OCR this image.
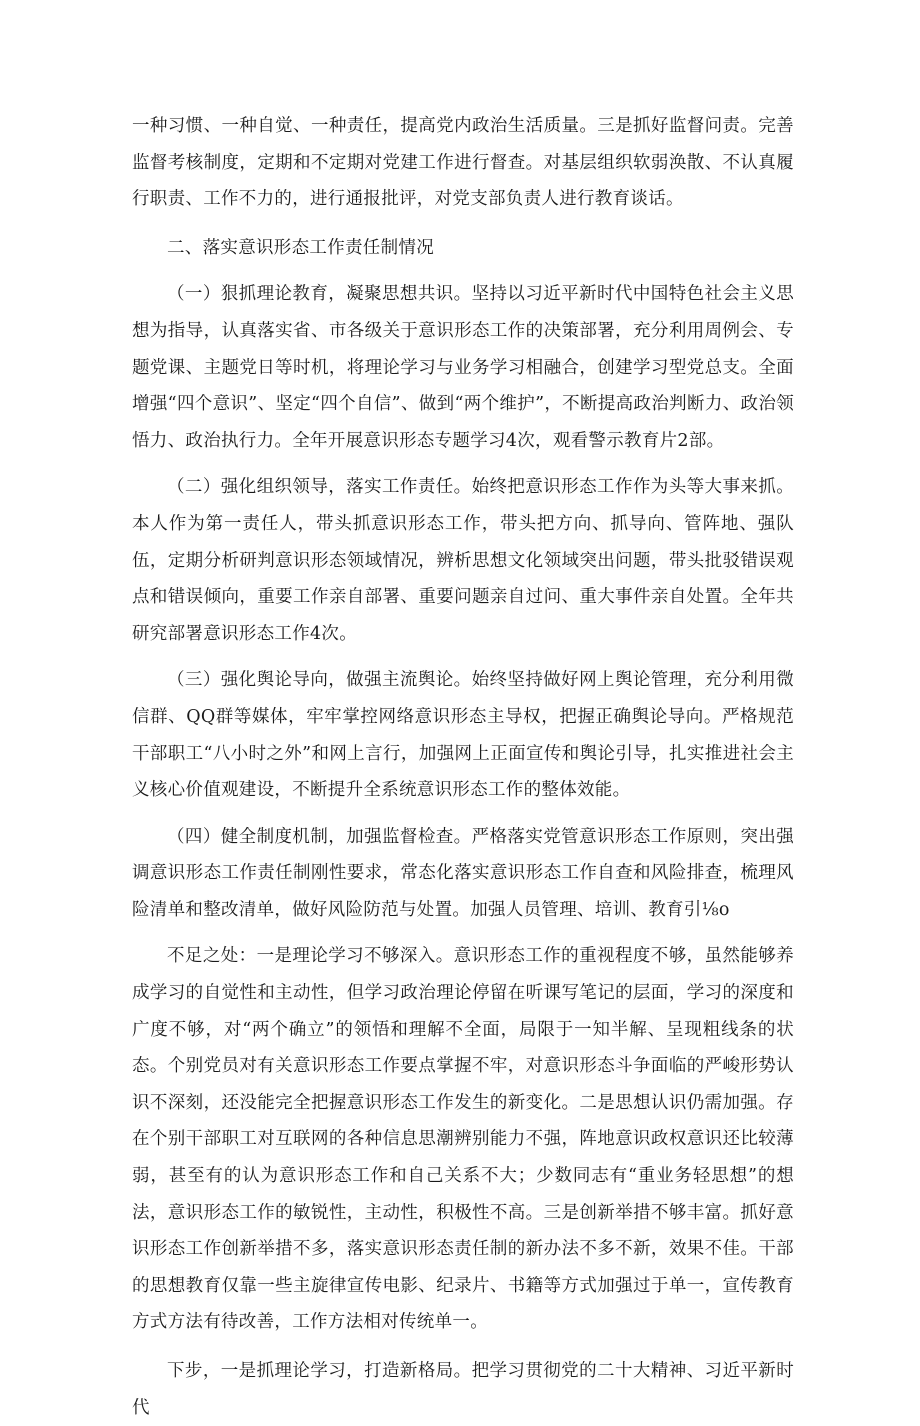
一种习惯、一种自觉、一种责任，提高党内政治生活质量。三是抓好监督问责。完善监督考核制度，定期和不定期对党建工作进行督查。对基层组织软弱涣散、不认真履行职责、工作不力的，进行通报批评，对党支部负责人进行教育谈话。

二、落实意识形态工作责任制情况

（一）狠抓理论教育，凝聚思想共识。坚持以习近平新时代中国特色社会主义思想为指导，认真落实省、市各级关于意识形态工作的决策部署，充分利用周例会、专题党课、主题党日等时机，将理论学习与业务学习相融合，创建学习型党总支。全面增强“四个意识”、坚定“四个自信”、做到“两个维护”，不断提高政治判断力、政治领悟力、政治执行力。全年开展意识形态专题学习4次，观看警示教育片2部。

（二）强化组织领导，落实工作责任。始终把意识形态工作作为头等大事来抓。本人作为第一责任人，带头抓意识形态工作，带头把方向、抓导向、管阵地、强队伍，定期分析研判意识形态领域情况，辨析思想文化领域突出问题，带头批驳错误观点和错误倾向，重要工作亲自部署、重要问题亲自过问、重大事件亲自处置。全年共研究部署意识形态工作4次。

（三）强化舆论导向，做强主流舆论。始终坚持做好网上舆论管理，充分利用微信群、QQ群等媒体，牢牢掌控网络意识形态主导权，把握正确舆论导向。严格规范干部职工“八小时之外”和网上言行，加强网上正面宣传和舆论引导，扎实推进社会主义核心价值观建设，不断提升全系统意识形态工作的整体效能。

（四）健全制度机制，加强监督检查。严格落实党管意识形态工作原则，突出强调意识形态工作责任制刚性要求，常态化落实意识形态工作自查和风险排查，梳理风险清单和整改清单，做好风险防范与处置。加强人员管理、培训、教育引⅛o

不足之处：一是理论学习不够深入。意识形态工作的重视程度不够，虽然能够养成学习的自觉性和主动性，但学习政治理论停留在听课写笔记的层面，学习的深度和广度不够，对“两个确立”的领悟和理解不全面，局限于一知半解、呈现粗线条的状态。个别党员对有关意识形态工作要点掌握不牢，对意识形态斗争面临的严峻形势认识不深刻，还没能完全把握意识形态工作发生的新变化。二是思想认识仍需加强。存在个别干部职工对互联网的各种信息思潮辨别能力不强，阵地意识政权意识还比较薄弱，甚至有的认为意识形态工作和自己关系不大；少数同志有“重业务轻思想”的想法，意识形态工作的敏锐性，主动性，积极性不高。三是创新举措不够丰富。抓好意识形态工作创新举措不多，落实意识形态责任制的新办法不多不新，效果不佳。干部的思想教育仅靠一些主旋律宣传电影、纪录片、书籍等方式加强过于单一，宣传教育方式方法有待改善，工作方法相对传统单一。

下步，一是抓理论学习，打造新格局。把学习贯彻党的二十大精神、习近平新时代
